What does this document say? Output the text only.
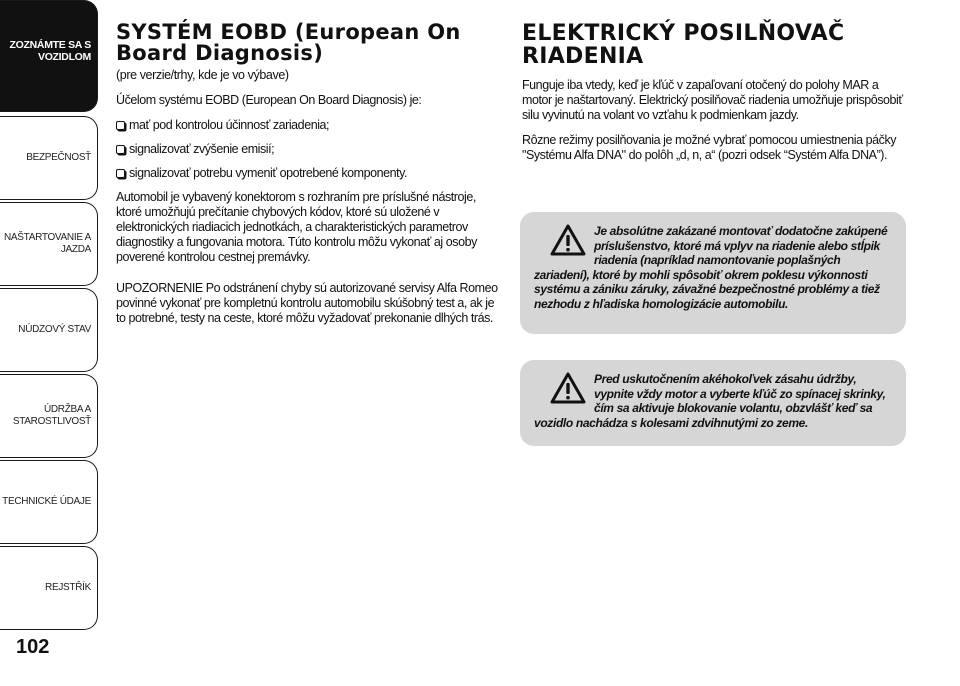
ZOZNÁMTE SA S
VOZIDLOM
BEZPEČNOSŤ
NAŠTARTOVANIE A
JAZDA
NÚDZOVÝ STAV
ÚDRŽBA A
STAROSTLIVOSŤ
TECHNICKÉ ÚDAJE
REJSTŘÍK
102
SYSTÉM EOBD (European On Board Diagnosis)
(pre verzie/trhy, kde je vo výbave)

Účelom systému EOBD (European On Board Diagnosis) je:

mať pod kontrolou účinnosť zariadenia;
signalizovať zvýšenie emisií;
signalizovať potrebu vymeniť opotrebené komponenty.

Automobil je vybavený konektorom s rozhraním pre príslušné nástroje, ktoré umožňujú prečítanie chybových kódov, ktoré sú uložené v elektronických riadiacich jednotkách, a charakteristických parametrov diagnostiky a fungovania motora. Túto kontrolu môžu vykonať aj osoby poverené kontrolou cestnej premávky.

UPOZORNENIE Po odstránení chyby sú autorizované servisy Alfa Romeo povinné vykonať pre kompletnú kontrolu automobilu skúšobný test a, ak je to potrebné, testy na ceste, ktoré môžu vyžadovať prekonanie dlhých trás.

ELEKTRICKÝ POSILŇOVAČ RIADENIA

Funguje iba vtedy, keď je kľúč v zapaľovaní otočený do polohy MAR a motor je naštartovaný. Elektrický posilňovač riadenia umožňuje prispôsobiť silu vyvinutú na volant vo vzťahu k podmienkam jazdy.

Rôzne režimy posilňovania je možné vybrať pomocou umiestnenia páčky "Systému Alfa DNA" do polôh „d, n, a“ (pozri odsek “Systém Alfa DNA”).

Je absolútne zakázané montovať dodatočne zakúpené príslušenstvo, ktoré má vplyv na riadenie alebo stĺpik riadenia (napríklad namontovanie poplašných
zariadení), ktoré by mohli spôsobiť okrem poklesu výkonnosti systému a zániku záruky, závažné bezpečnostné problémy a tiež nezhodu z hľadiska homologizácie automobilu.
Pred uskutočnením akéhokoľvek zásahu údržby, vypnite vždy motor a vyberte kľúč zo spínacej skrinky, čím sa aktivuje blokovanie volantu, obzvlášť keď sa
vozidlo nachádza s kolesami zdvihnutými zo zeme.
